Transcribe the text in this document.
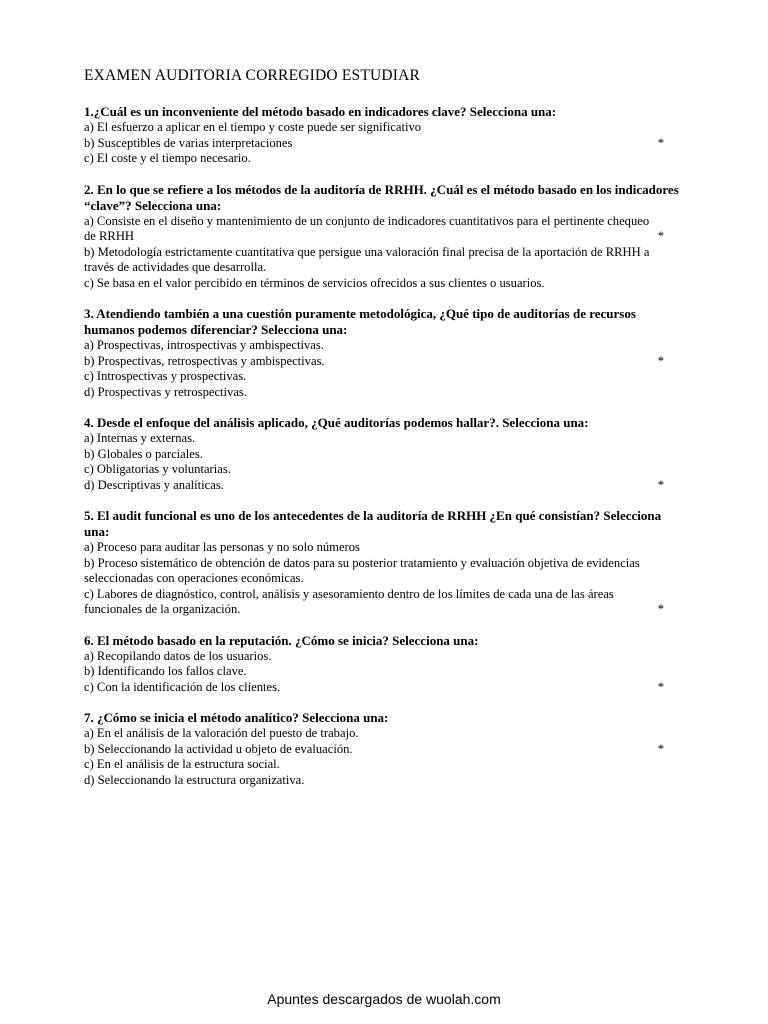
EXAMEN AUDITORIA CORREGIDO ESTUDIAR
1.¿Cuál es un inconveniente del método basado en indicadores clave? Selecciona una:
a) El esfuerzo a aplicar en el tiempo y coste puede ser significativo
b) Susceptibles de varias interpretaciones	*
c) El coste y el tiempo necesario.
2. En lo que se refiere a los métodos de la auditoría de RRHH. ¿Cuál es el método basado en los indicadores “clave”? Selecciona una:
a) Consiste en el diseño y mantenimiento de un conjunto de indicadores cuantitativos para el pertinente chequeo de RRHH	*
b) Metodología estrictamente cuantitativa que persigue una valoración final precisa de la aportación de RRHH a través de actividades que desarrolla.
c) Se basa en el valor percibido en términos de servicios ofrecidos a sus clientes o usuarios.
3. Atendiendo también a una cuestión puramente metodológica, ¿Qué tipo de auditorías de recursos humanos podemos diferenciar? Selecciona una:
a) Prospectivas, introspectivas y ambispectivas.
b) Prospectivas, retrospectivas y ambispectivas.	*
c) Introspectivas y prospectivas.
d) Prospectivas y retrospectivas.
4. Desde el enfoque del análisis aplicado, ¿Qué auditorías podemos hallar?. Selecciona una:
a) Internas y externas.
b) Globales o parciales.
c) Obligatorias y voluntarias.
d) Descriptivas y analíticas.	*
5. El audit funcional es uno de los antecedentes de la auditoría de RRHH ¿En qué consistían? Selecciona una:
a) Proceso para auditar las personas y no solo números
b) Proceso sistemático de obtención de datos para su posterior tratamiento y evaluación objetiva de evidencias seleccionadas con operaciones económicas.
c) Labores de diagnóstico, control, análisis y asesoramiento dentro de los límites de cada una de las áreas funcionales de la organización.	*
6. El método basado en la reputación. ¿Cómo se inicia? Selecciona una:
a) Recopilando datos de los usuarios.
b) Identificando los fallos clave.
c) Con la identificación de los clientes.	*
7. ¿Cómo se inicia el método analítico? Selecciona una:
a) En el análisis de la valoración del puesto de trabajo.
b) Seleccionando la actividad u objeto de evaluación.	*
c) En el análisis de la estructura social.
d) Seleccionando la estructura organizativa.
Apuntes descargados de wuolah.com
